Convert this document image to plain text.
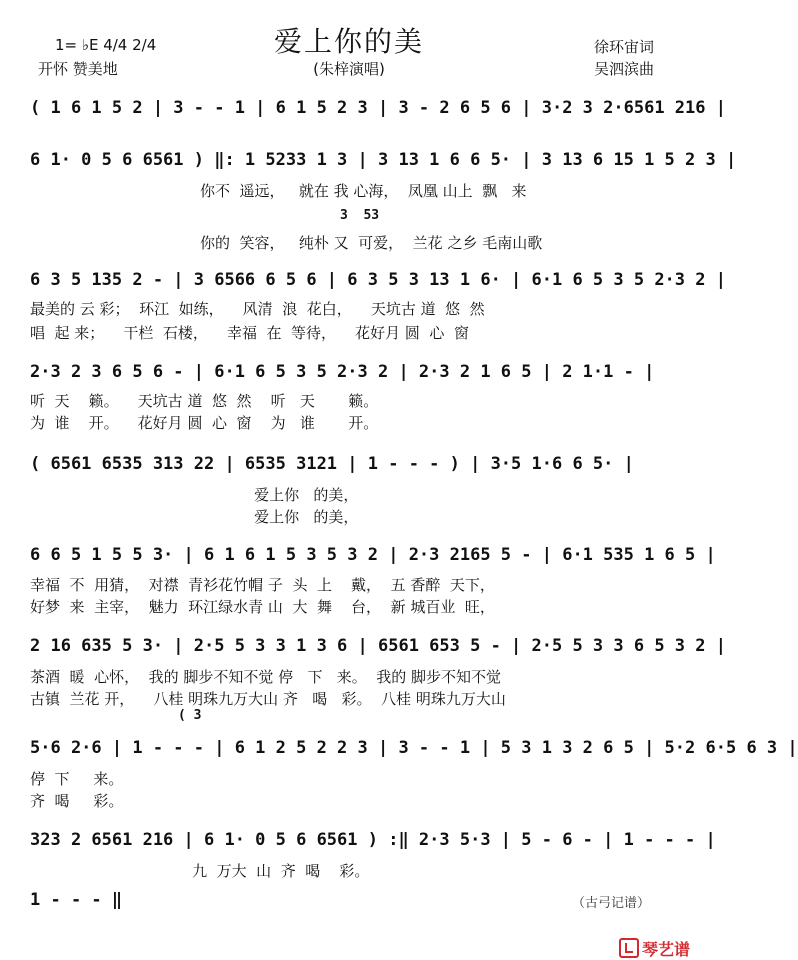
爱上你的美
(朱梓演唱)
1= ♭E 4/4 2/4
开怀 赞美地
徐环宙词
吴泗滨曲
( 1 6 1 5 2 | 3 - - 1 | 6 1 5 2 3 | 3 - 2 6 5 6 | 3·2 3 2·6561 216 |
6 1· 0 5 6 6561 ) ‖: 1 5233 1 3 | 3 13 1 6 6 5· | 3 13 6 15 1 5 2 3 |
你不  遥远，   就在 我 心海，  凤凰 山上  飘   来
3  53
你的  笑容，   纯朴 又  可爱，  兰花 之乡 毛南山歌
6 3 5 135 2 - | 3 6566 6 5 6 | 6 3 5 3 13 1 6· | 6·1 6 5 3 5 2·3 2 |
最美的 云 彩；  环江  如练，    风清  浪  花白，    天坑古 道  悠  然
唱  起 来；    干栏  石楼，    幸福  在  等待，    花好月 圆  心  窗
2·3 2 3 6 5 6 - | 6·1 6 5 3 5 2·3 2 | 2·3 2 1 6 5 | 2 1·1 - |
听  天    籁。    天坑古 道  悠  然    听   天       籁。
为  谁    开。    花好月 圆  心  窗    为   谁       开。
( 6561 6535 313 22 | 6535 3121 | 1 - - - ) | 3·5 1·6 6 5· |
爱上你   的美，
爱上你   的美，
6 6 5 1 5 5 3· | 6 1 6 1 5 3 5 3 2 | 2·3 2165 5 - | 6·1 535 1 6 5 |
幸福  不  用猜，  对襟  青衫花竹帽 子  头  上    戴，  五 香醉  天下，
好梦  来  主宰，  魅力  环江绿水青 山  大  舞    台，  新 城百业  旺，
2 16 635 5 3· | 2·5 5 3 3 1 3 6 | 6561 653 5 - | 2·5 5 3 3 6 5 3 2 |
茶酒  暖  心怀，  我的 脚步不知不觉 停   下   来。  我的 脚步不知不觉
古镇  兰花 开，    八桂 明珠九万大山 齐   喝   彩。  八桂 明珠九万大山
( 3
5·6 2·6 | 1 - - - | 6 1 2 5 2 2 3 | 3 - - 1 | 5 3 1 3 2 6 5 | 5·2 6·5 6 3 |
停  下     来。
齐  喝     彩。
323 2 6561 216 | 6 1· 0 5 6 6561 ) :‖ 2·3 5·3 | 5 - 6 - | 1 - - - |
九  万大  山  齐  喝    彩。
1 - - - ‖	（古弓记谱）

琴艺谱
